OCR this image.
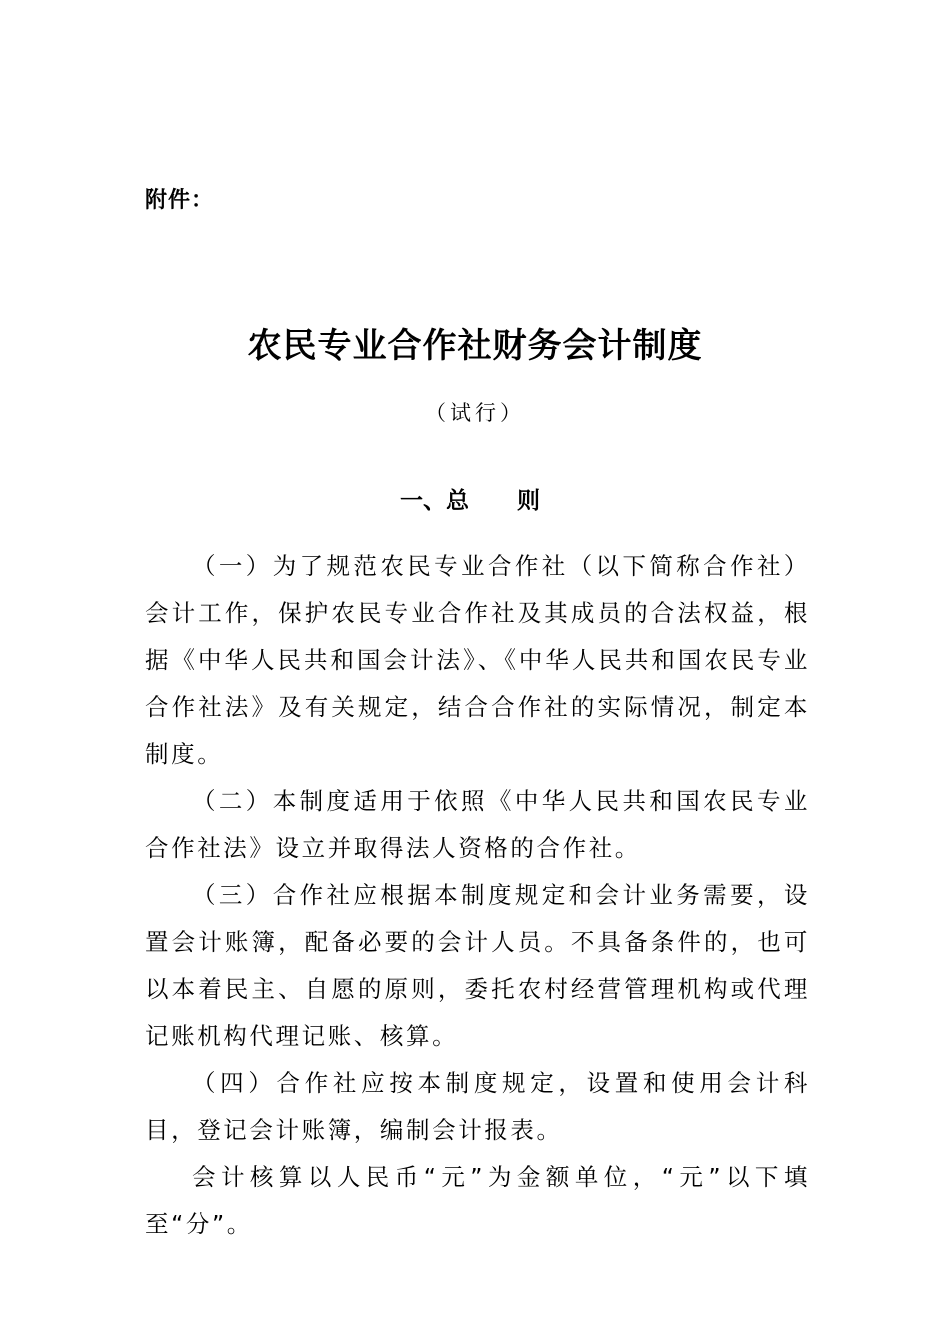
附件：
农民专业合作社财务会计制度
（试行）
一、总      则

（一）为了规范农民专业合作社（以下简称合作社）会计工作，保护农民专业合作社及其成员的合法权益，根据《中华人民共和国会计法》、《中华人民共和国农民专业合作社法》及有关规定，结合合作社的实际情况，制定本制度。

（二）本制度适用于依照《中华人民共和国农民专业合作社法》设立并取得法人资格的合作社。

（三）合作社应根据本制度规定和会计业务需要，设置会计账簿，配备必要的会计人员。不具备条件的，也可以本着民主、自愿的原则，委托农村经营管理机构或代理记账机构代理记账、核算。

（四）合作社应按本制度规定，设置和使用会计科目，登记会计账簿，编制会计报表。

会计核算以人民币“元”为金额单位，“元”以下填至“分”。
